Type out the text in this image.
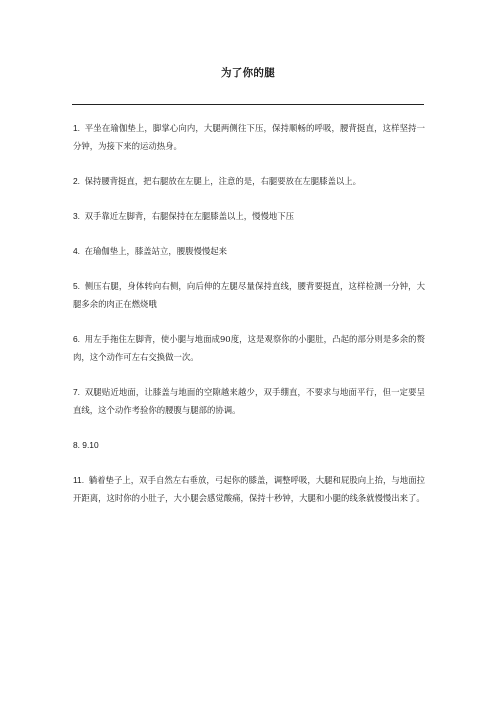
为了你的腿

1. 平坐在瑜伽垫上，脚掌心向内，大腿两侧往下压，保持顺畅的呼吸，腰背挺直，这样坚持一分钟，为接下来的运动热身。

2. 保持腰背挺直，把右腿放在左腿上，注意的是，右腿要放在左腿膝盖以上。

3. 双手靠近左脚背，右腿保持在左腿膝盖以上，慢慢地下压

4. 在瑜伽垫上，膝盖站立，腰腹慢慢起来

5. 侧压右腿，身体转向右侧，向后伸的左腿尽量保持直线，腰背要挺直，这样检测一分钟，大腿多余的肉正在燃烧哦

6. 用左手拖住左脚背，使小腿与地面成90度，这是观察你的小腿肚，凸起的部分则是多余的赘肉，这个动作可左右交换做一次。

7. 双腿贴近地面，让膝盖与地面的空隙越来越少，双手绷直，不要求与地面平行，但一定要呈直线，这个动作考验你的腰腹与腿部的协调。

8. 9.10

11. 躺着垫子上，双手自然左右垂放，弓起你的膝盖，调整呼吸，大腿和屁股向上抬，与地面拉开距离，这时你的小肚子，大小腿会感觉酸痛，保持十秒钟，大腿和小腿的线条就慢慢出来了。
